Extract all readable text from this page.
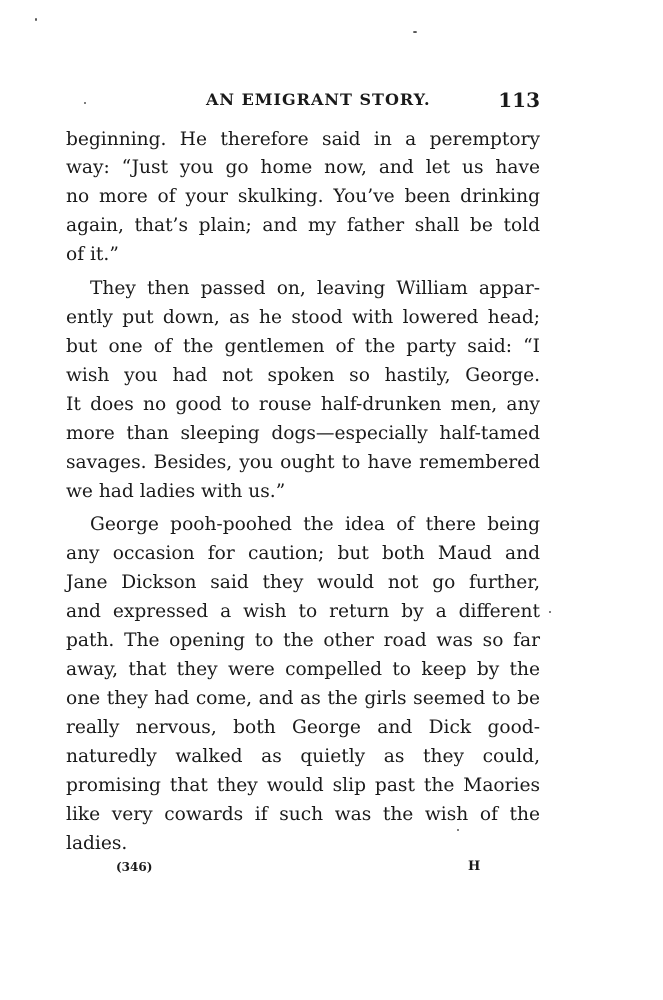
AN EMIGRANT STORY.	113
beginning. He therefore said in a peremptory
way: “Just you go home now, and let us have
no more of your skulking. You’ve been drinking
again, that’s plain; and my father shall be told
of it.”
They then passed on, leaving William appar-
ently put down, as he stood with lowered head;
but one of the gentlemen of the party said: “I
wish you had not spoken so hastily, George.
It does no good to rouse half-drunken men, any
more than sleeping dogs—especially half-tamed
savages. Besides, you ought to have remembered
we had ladies with us.”
George pooh-poohed the idea of there being
any occasion for caution; but both Maud and
Jane Dickson said they would not go further,
and expressed a wish to return by a different
path. The opening to the other road was so far
away, that they were compelled to keep by the
one they had come, and as the girls seemed to be
really nervous, both George and Dick good-
naturedly walked as quietly as they could,
promising that they would slip past the Maories
like very cowards if such was the wish of the
ladies.
(346)	H
